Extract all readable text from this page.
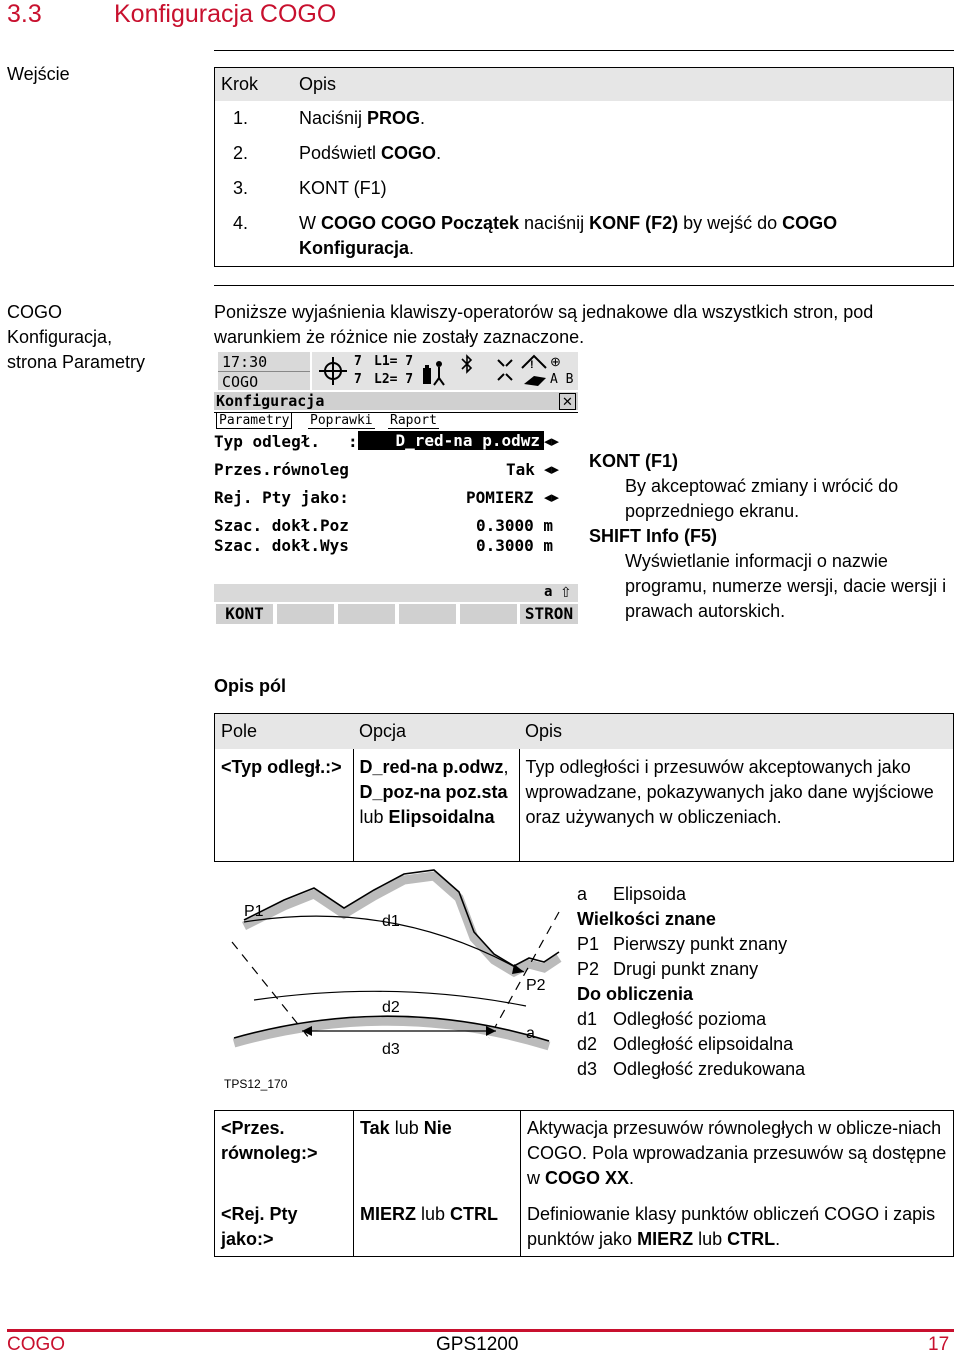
3.3	Konfiguracja COGO
Wejście	Krok	Opis
1.	Naciśnij PROG.
2.	Podświetl COGO.
3.	KONT (F1)
4.	W COGO COGO Początek naciśnij KONF (F2) by wejść do COGO Konfiguracja.
COGO
Konfiguracja,
strona Parametry
Poniższe wyjaśnienia klawiszy-operatorów są jednakowe dla wszystkich stron, pod warunkiem że różnice nie zostały zaznaczone.
17:30
COGO
7
7
L1= 7
L2= 7
! ⊕
A B
Konfiguracja	✕
Parametry Poprawki Raport
Typ odległ. :	D_red-na p.odwz ◂▸
Przes.równoleg	Tak ◂▸
Rej. Pty jako:	POMIERZ ◂▸
Szac. dokł.Poz	0.3000 m
Szac. dokł.Wys	0.3000 m
a ⇧
KONT	STRON
KONT (F1)
By akceptować zmiany i wrócić do poprzedniego ekranu.
SHIFT Info (F5)
Wyświetlanie informacji o nazwie programu, numerze wersji, dacie wersji i prawach autorskich.
Opis pól
Pole	Opcja	Opis
<Typ odległ.:>	D_red-na p.odwz, D_poz-na poz.sta lub Elipsoidalna	Typ odległości i przesuwów akceptowanych jako wprowadzane, pokazywanych jako dane wyjściowe oraz używanych w obliczeniach.
P1
d1
P2
d2
a
d3
TPS12_170
a	Elipsoida
Wielkości znane
P1 Pierwszy punkt znany
P2 Drugi punkt znany
Do obliczenia
d1 Odległość pozioma
d2 Odległość elipsoidalna
d3 Odległość zredukowana
<Przes. równoleg:>	Tak lub Nie	Aktywacja przesuwów równoległych w oblicze-niach COGO. Pola wprowadzania przesuwów są dostępne w COGO XX.
<Rej. Pty jako:>	MIERZ lub CTRL	Definiowanie klasy punktów obliczeń COGO i zapis punktów jako MIERZ lub CTRL.
COGO	GPS1200	17
